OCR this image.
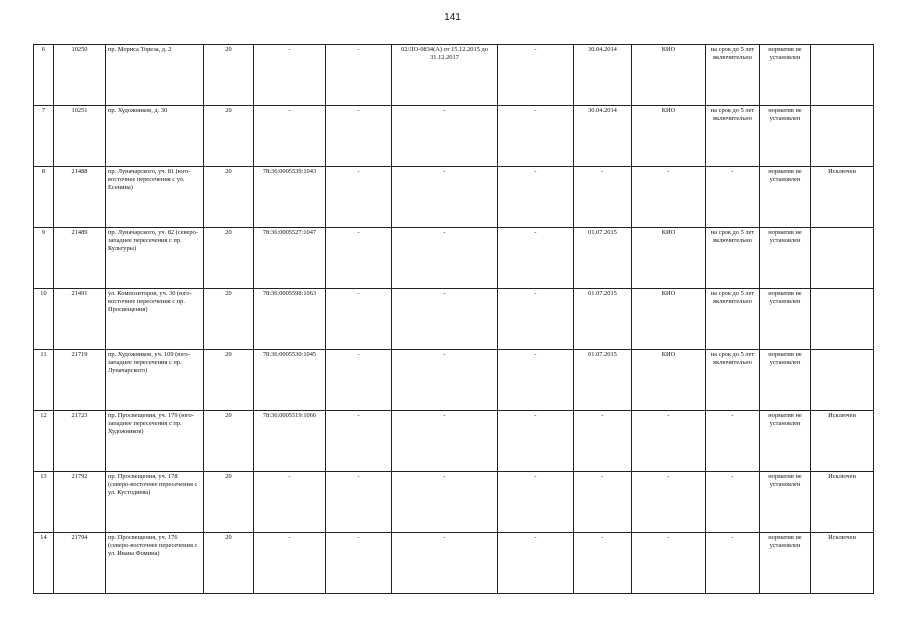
141
6	10250	пр. Мориса Тореза, д. 2	20	-	-	02/ЛО-0834(А) от 15.12.2015 до 31.12.2017	-	30.04.2014	КИО	на срок до 5 лет включительно	норматив не установлен	
7	10251	пр. Художников, д. 30	20	-	-	-	-	30.04.2014	КИО	на срок до 5 лет включительно	норматив не установлен	
8	21488	пр. Луначарского, уч. 81 (юго-восточнее пересечения с ул. Есенина)	20	78:36:0005539:1043	-	-	-	-	-	-	норматив не установлен	Исключен
9	21489	пр. Луначарского, уч. 82 (северо-западнее пересечения с пр. Культуры)	20	78:36:0005527:1047	-	-	-	01.07.2015	КИО	на срок до 5 лет включительно	норматив не установлен	
10	21491	ул. Композиторов, уч. 30 (юго-восточнее пересечения с пр. Просвещения)	20	78:36:0005598:1063	-	-	-	01.07.2015	КИО	на срок до 5 лет включительно	норматив не установлен	
11	21719	пр. Художников, уч. 109 (юго-западнее пересечения с пр. Луначарского)	20	78:36:0005530:1045	-	-	-	01.07.2015	КИО	на срок до 5 лет включительно	норматив не установлен	
12	21723	пр. Просвещения, уч. 179 (юго-западнее пересечения с пр. Художников)	20	78:36:0005519:1066	-	-	-	-	-	-	норматив не установлен	Исключен
13	21792	пр. Просвещения, уч. 178 (северо-восточнее пересечения с ул. Кустодиева)	20	-	-	-	-	-	-	-	норматив не установлен	Исключен
14	21794	пр. Просвещения, уч. 176 (северо-восточнее пересечения с ул. Ивана Фомина)	20	-	-	-	-	-	-	-	норматив не установлен	Исключен
